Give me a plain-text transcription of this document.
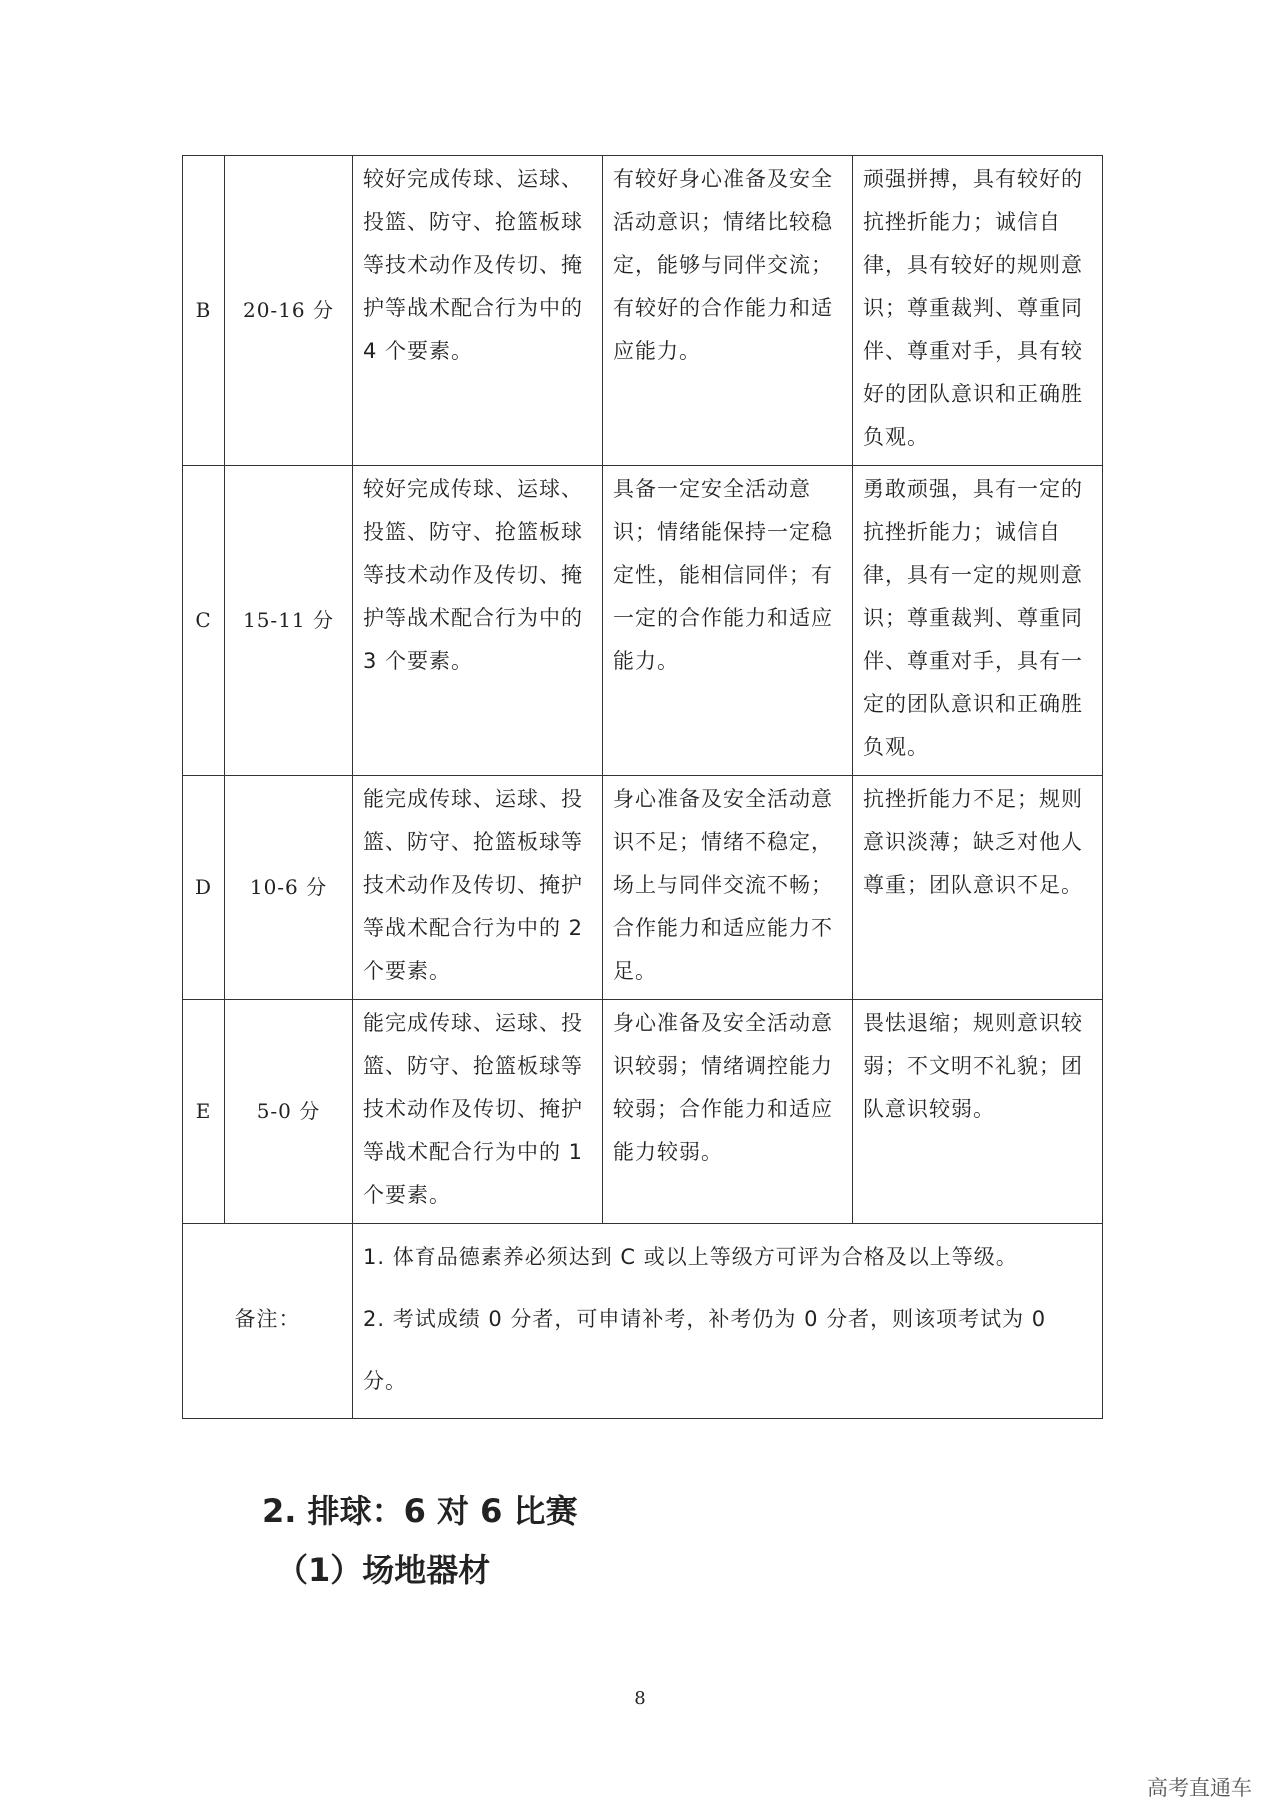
B	20-16 分	较好完成传球、运球、投篮、防守、抢篮板球等技术动作及传切、掩护等战术配合行为中的 4 个要素。	有较好身心准备及安全活动意识；情绪比较稳定，能够与同伴交流；有较好的合作能力和适应能力。	顽强拼搏，具有较好的抗挫折能力；诚信自律，具有较好的规则意识；尊重裁判、尊重同伴、尊重对手，具有较好的团队意识和正确胜负观。
C	15-11 分	较好完成传球、运球、投篮、防守、抢篮板球等技术动作及传切、掩护等战术配合行为中的 3 个要素。	具备一定安全活动意识；情绪能保持一定稳定性，能相信同伴；有一定的合作能力和适应能力。	勇敢顽强，具有一定的抗挫折能力；诚信自律，具有一定的规则意识；尊重裁判、尊重同伴、尊重对手，具有一定的团队意识和正确胜负观。
D	10-6 分	能完成传球、运球、投篮、防守、抢篮板球等技术动作及传切、掩护等战术配合行为中的 2 个要素。	身心准备及安全活动意识不足；情绪不稳定，场上与同伴交流不畅；合作能力和适应能力不足。	抗挫折能力不足；规则意识淡薄；缺乏对他人尊重；团队意识不足。
E	5-0 分	能完成传球、运球、投篮、防守、抢篮板球等技术动作及传切、掩护等战术配合行为中的 1 个要素。	身心准备及安全活动意识较弱；情绪调控能力较弱；合作能力和适应能力较弱。	畏怯退缩；规则意识较弱；不文明不礼貌；团队意识较弱。
备注：		1. 体育品德素养必须达到 C 或以上等级方可评为合格及以上等级。
2. 考试成绩 0 分者，可申请补考，补考仍为 0 分者，则该项考试为 0 分。		
2. 排球：6 对 6 比赛
（1）场地器材
8
高考直通车
